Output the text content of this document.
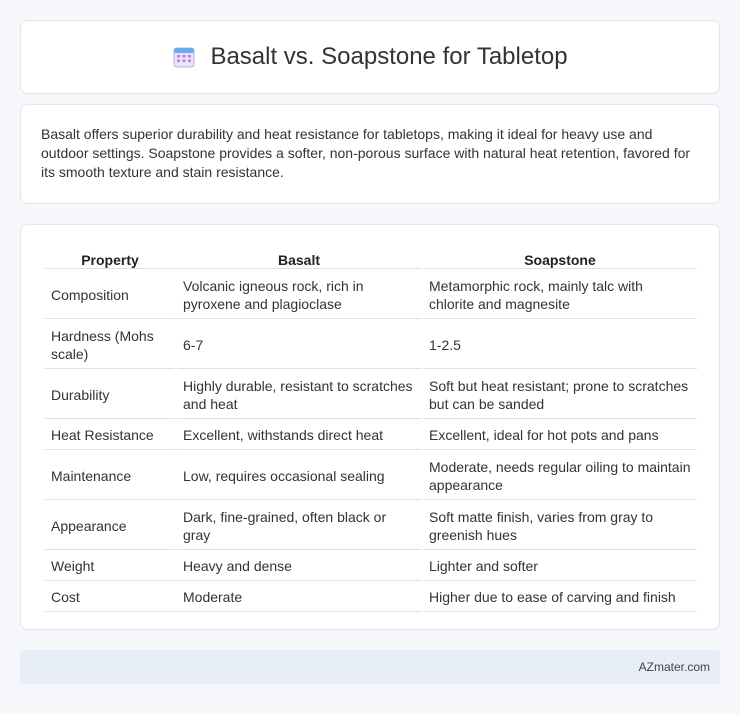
Basalt vs. Soapstone for Tabletop

Basalt offers superior durability and heat resistance for tabletops, making it ideal for heavy use and outdoor settings. Soapstone provides a softer, non-porous surface with natural heat retention, favored for its smooth texture and stain resistance.

Property	Basalt	Soapstone
Composition	Volcanic igneous rock, rich in pyroxene and plagioclase	Metamorphic rock, mainly talc with chlorite and magnesite
Hardness (Mohs scale)	6-7	1-2.5
Durability	Highly durable, resistant to scratches and heat	Soft but heat resistant; prone to scratches but can be sanded
Heat Resistance	Excellent, withstands direct heat	Excellent, ideal for hot pots and pans
Maintenance	Low, requires occasional sealing	Moderate, needs regular oiling to maintain appearance
Appearance	Dark, fine-grained, often black or gray	Soft matte finish, varies from gray to greenish hues
Weight	Heavy and dense	Lighter and softer
Cost	Moderate	Higher due to ease of carving and finish
AZmater.com
